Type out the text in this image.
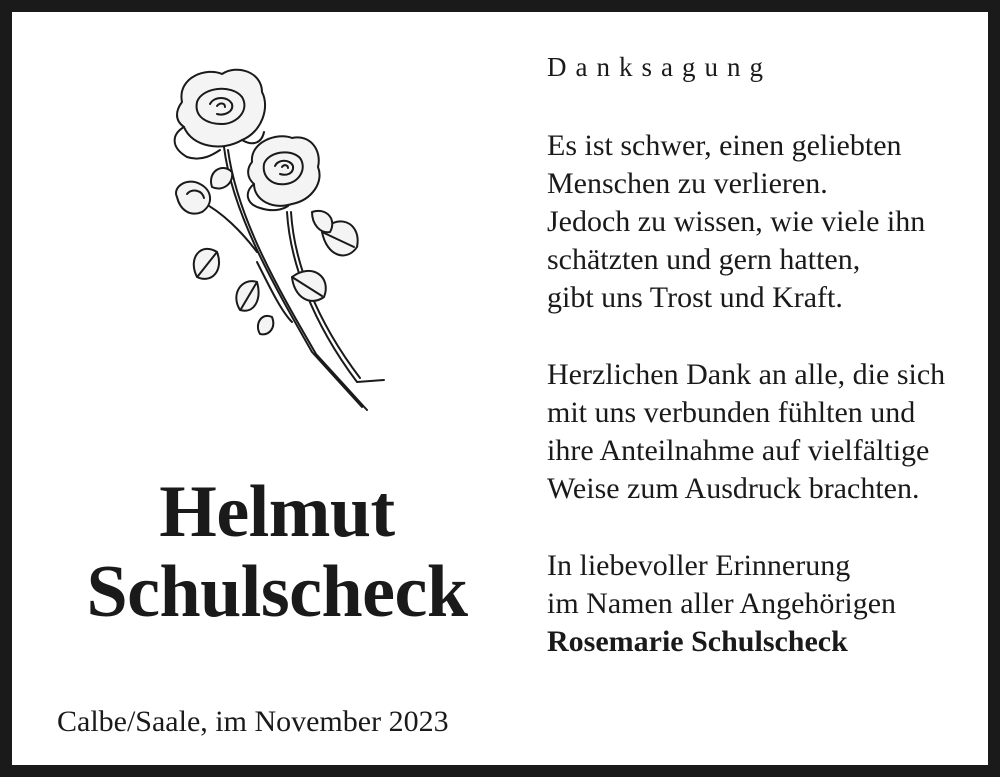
Helmut
Schulscheck
Calbe/Saale, im November 2023
Danksagung
Es ist schwer, einen geliebten
Menschen zu verlieren.
Jedoch zu wissen, wie viele ihn
schätzten und gern hatten,
gibt uns Trost und Kraft.
Herzlichen Dank an alle, die sich
mit uns verbunden fühlten und
ihre Anteilnahme auf vielfältige
Weise zum Ausdruck brachten.
In liebevoller Erinnerung
im Namen aller Angehörigen
Rosemarie Schulscheck
